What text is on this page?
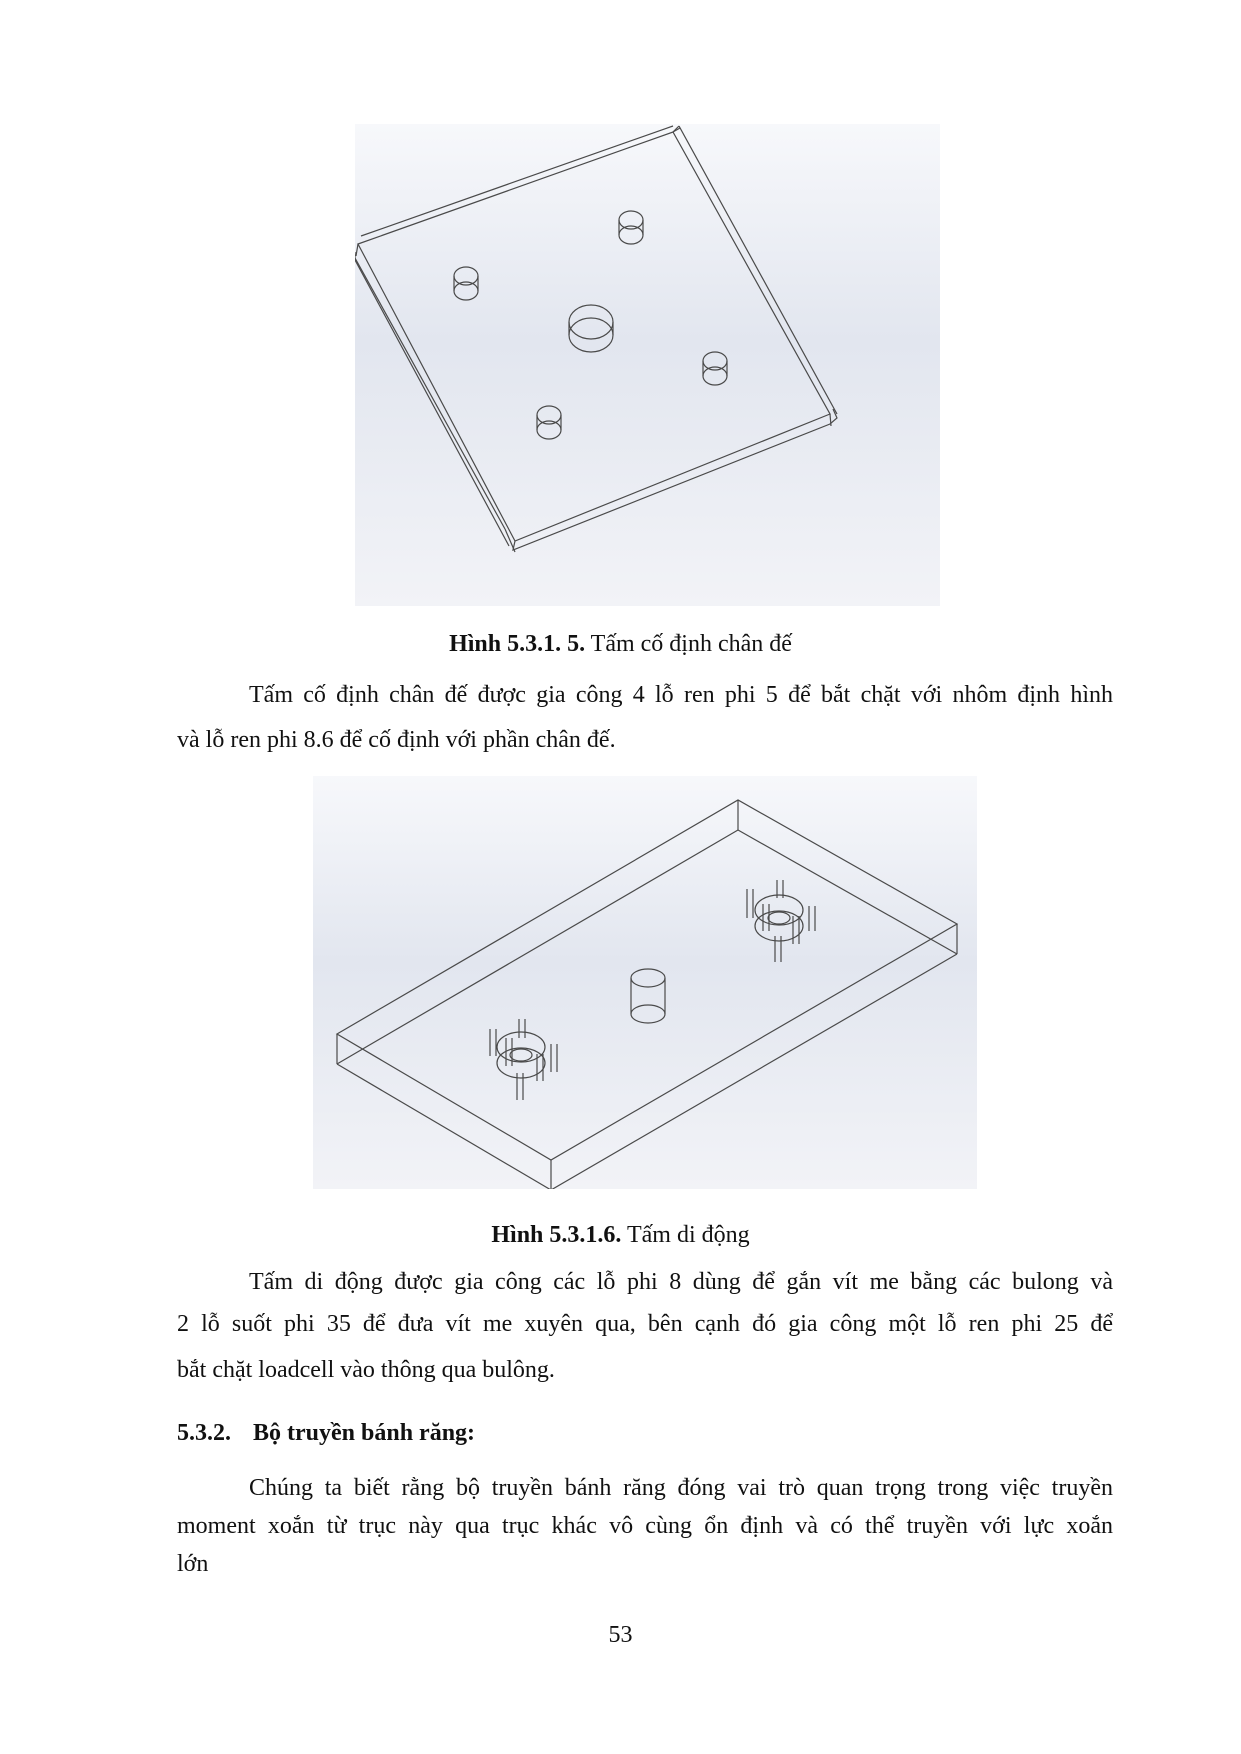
Hình 5.3.1. 5. Tấm cố định chân đế

Tấm cố định chân đế được gia công 4 lỗ ren phi 5 để bắt chặt với nhôm định hình

và lỗ ren phi 8.6 để cố định với phần chân đế.

Hình 5.3.1.6. Tấm di động

Tấm di động được gia công các lỗ phi 8 dùng để gắn vít me bằng các bulong và

2 lỗ suốt phi 35 để đưa vít me xuyên qua, bên cạnh đó gia công một lỗ ren phi 25 để

bắt chặt loadcell vào thông qua bulông.

5.3.2. Bộ truyền bánh răng:

Chúng ta biết rằng bộ truyền bánh răng đóng vai trò quan trọng trong việc truyền

moment xoắn từ trục này qua trục khác vô cùng ổn định và có thể truyền với lực xoắn

lớn

53
